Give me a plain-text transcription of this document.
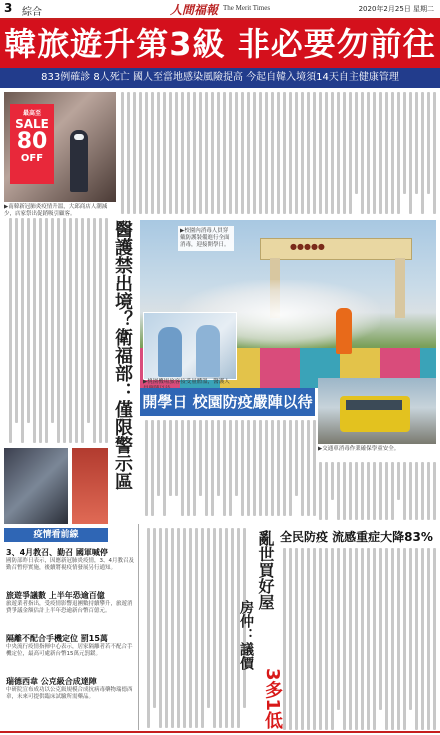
3 綜合	人間福報 The Merit Times	2020年2月25日 星期二
韓旅遊升第3級 非必要勿前往
833例確診 8人死亡 國人至當地感染風險提高 今起自韓入境須14天自主健康管理
最高至
SALE
80
OFF
▶南韓新冠肺炎疫情升溫，大邱商店人潮減少，店家祭出促銷吸引顧客。
醫護禁出境？衛福部：僅限警示區	●●●●●
▶校園內消毒人員穿戴防護裝備進行全面消毒，迎接開學日。
▶桃園機場旅客接受量體溫，醫護人
開學日 校園防疫嚴陣以待
▶交通車消毒作業確保學童安全。
疫情看前線
3、4月教召、勤召 國軍喊停
國防部昨日表示，因應新冠肺炎疫情，3、4月教召及勤召暫停實施，後續將視疫情發展另行通知。
旅遊爭議數 上半年恐逾百億
旅遊業者指出，受疫情影響退團數持續攀升，旅遊消費爭議金額估計上半年恐逾新台幣百億元。
隔離不配合手機定位 罰15萬
中央流行疫情指揮中心表示，居家隔離者若不配合手機定位，最高可處新台幣15萬元罰鍰。
瑞德西韋 公克級合成達陣
中研院宣布成功以公克級規模合成抗病毒藥物瑞德西韋，未來可提供臨床試驗所需藥品。
亂世買好屋
房仲：議價
3多1低
全民防疫 流感重症大降83%
